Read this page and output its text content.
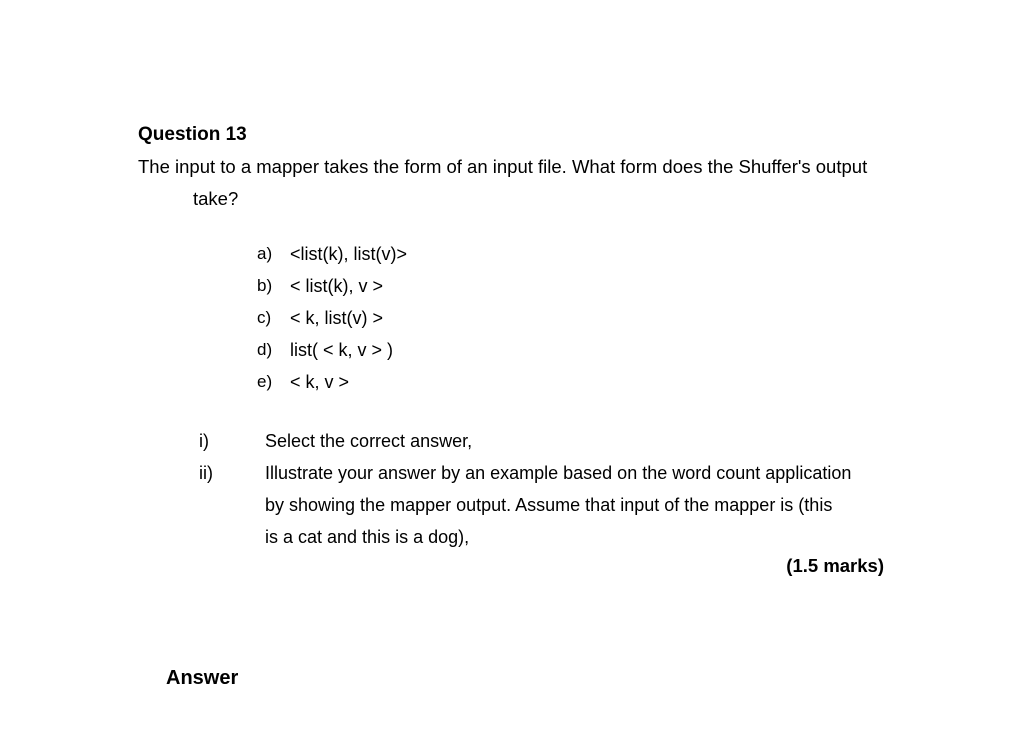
Question 13
The input to a mapper takes the form of an input file. What form does the Shuffer's output
take?
a) <list(k), list(v)>
b) < list(k), v >
c)	< k, list(v) >
d) list( < k, v > )
e) < k, v >
i)	Select the correct answer,
ii)	Illustrate your answer by an example based on the word count application
by showing the mapper output. Assume that input of the mapper is (this
is a cat and this is a dog),
(1.5 marks)
Answer
